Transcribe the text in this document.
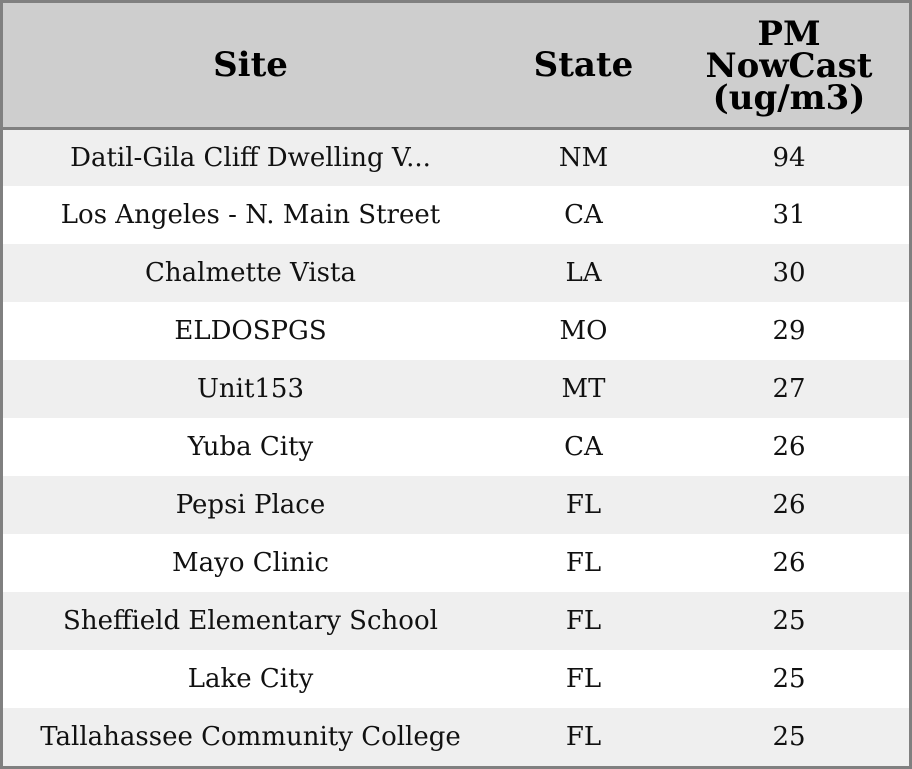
Site	State	PM
NowCast
(ug/m3)

Datil-Gila Cliff Dwelling V...	NM	94
Los Angeles - N. Main Street	CA	31
Chalmette Vista	LA	30
ELDOSPGS	MO	29
Unit153	MT	27
Yuba City	CA	26
Pepsi Place	FL	26
Mayo Clinic	FL	26
Sheffield Elementary School	FL	25
Lake City	FL	25
Tallahassee Community College	FL	25
